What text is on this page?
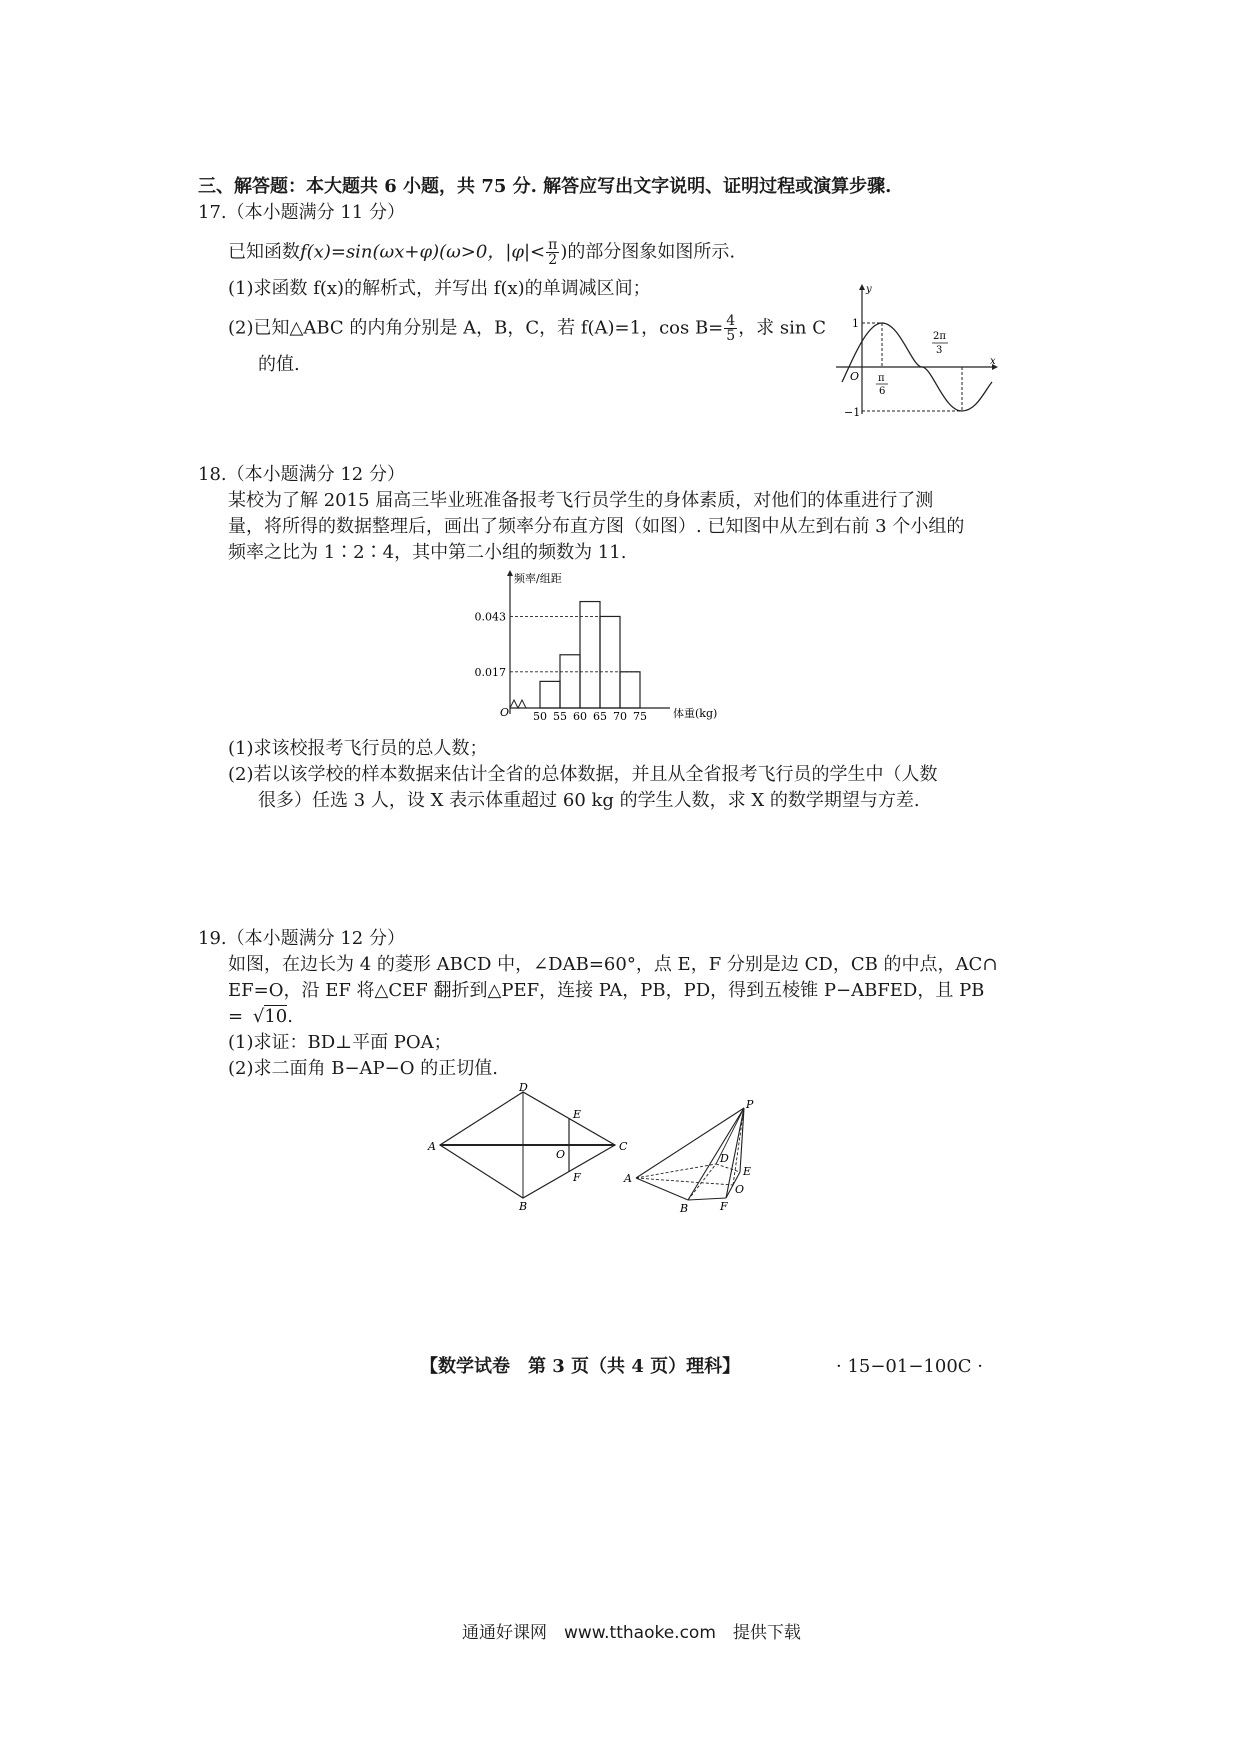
三、解答题：本大题共 6 小题，共 75 分. 解答应写出文字说明、证明过程或演算步骤.
17.（本小题满分 11 分）
已知函数f(x)=sin(ωx+φ)(ω>0，$|\varphi|< \frac{\pi}{2}$ )的部分图象如图所示.
(1)求函数 f(x)的解析式，并写出 f(x)的单调减区间；
(2)已知△ABC 的内角分别是 A，B，C，若 f(A)=1，$\cos B= \frac{4}{5}$ ，求 sin C
的值.
y
x
O
1
−1
π
6
2π
3
18.（本小题满分 12 分）
某校为了解 2015 届高三毕业班准备报考飞行员学生的身体素质，对他们的体重进行了测
量，将所得的数据整理后，画出了频率分布直方图（如图）. 已知图中从左到右前 3 个小组的
频率之比为 1∶2∶4，其中第二小组的频数为 11.
频率/组距
O	体重(kg)
50 55 60 65 70 75
0.017
0.043
(1)求该校报考飞行员的总人数；
(2)若以该学校的样本数据来估计全省的总体数据，并且从全省报考飞行员的学生中（人数
很多）任选 3 人，设 X 表示体重超过 60 kg 的学生人数，求 X 的数学期望与方差.
19.（本小题满分 12 分）
如图，在边长为 4 的菱形 ABCD 中，∠DAB=60°，点 E，F 分别是边 CD，CB 的中点，AC∩
EF=O，沿 EF 将△CEF 翻折到△PEF，连接 PA，PB，PD，得到五棱锥 P−ABFED，且 PB
= √10.
(1)求证：BD⊥平面 POA；
(2)求二面角 B−AP−O 的正切值.
A
D
C
B
E
F
O
P
A
B	F
E
O
D
【数学试卷　第 3 页（共 4 页）理科】	· 15−01−100C ·
通通好课网　www.tthaoke.com　提供下载
